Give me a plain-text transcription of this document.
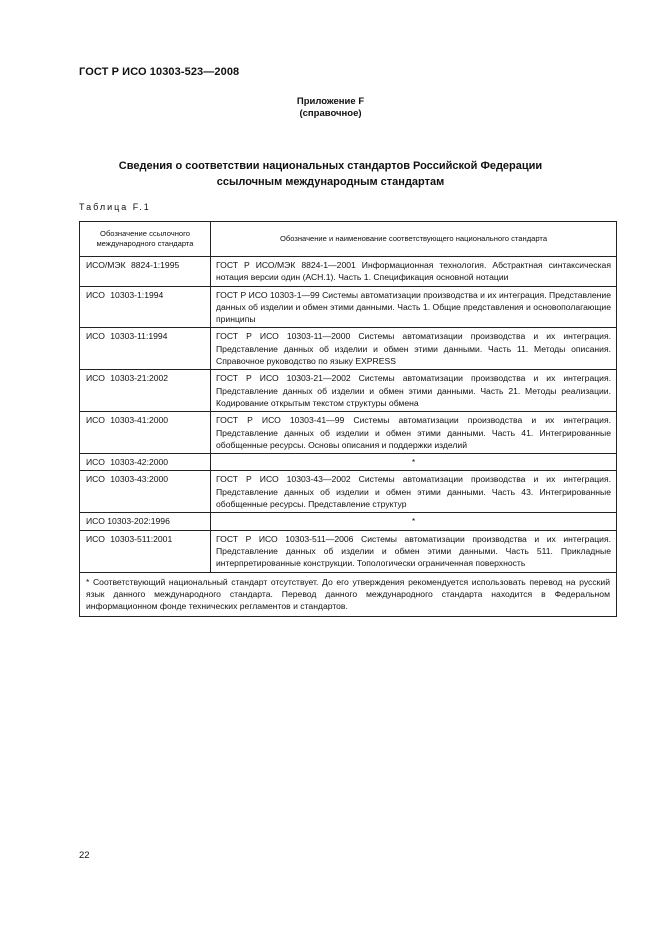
ГОСТ Р ИСО 10303-523—2008
Приложение F
(справочное)
Сведения о соответствии национальных стандартов Российской Федерации
ссылочным международным стандартам
Таблица F.1
Обозначение ссылочного международного стандарта	Обозначение и наименование соответствующего национального стандарта
ИСО/МЭК 8824-1:1995	ГОСТ Р ИСО/МЭК 8824-1—2001 Информационная технология. Абстрактная синтаксическая нотация версии один (АСН.1). Часть 1. Спецификация основной нотации
ИСО 10303-1:1994	ГОСТ Р ИСО 10303-1—99 Системы автоматизации производства и их интеграция. Представление данных об изделии и обмен этими данными. Часть 1. Общие представления и основополагающие принципы
ИСО 10303-11:1994	ГОСТ Р ИСО 10303-11—2000 Системы автоматизации производства и их интеграция. Представление данных об изделии и обмен этими данными. Часть 11. Методы описания. Справочное руководство по языку EXPRESS
ИСО 10303-21:2002	ГОСТ Р ИСО 10303-21—2002 Системы автоматизации производства и их интеграция. Представление данных об изделии и обмен этими данными. Часть 21. Методы реализации. Кодирование открытым текстом структуры обмена
ИСО 10303-41:2000	ГОСТ Р ИСО 10303-41—99 Системы автоматизации производства и их интеграция. Представление данных об изделии и обмен этими данными. Часть 41. Интегрированные обобщенные ресурсы. Основы описания и поддержки изделий
ИСО 10303-42:2000	*
ИСО 10303-43:2000	ГОСТ Р ИСО 10303-43—2002 Системы автоматизации производства и их интеграция. Представление данных об изделии и обмен этими данными. Часть 43. Интегрированные обобщенные ресурсы. Представление структур
ИСО 10303-202:1996	*
ИСО 10303-511:2001	ГОСТ Р ИСО 10303-511—2006 Системы автоматизации производства и их интеграция. Представление данных об изделии и обмен этими данными. Часть 511. Прикладные интерпретированные конструкции. Топологически ограниченная поверхность
* Соответствующий национальный стандарт отсутствует. До его утверждения рекомендуется использовать перевод на русский язык данного международного стандарта. Перевод данного международного стандарта находится в Федеральном информационном фонде технических регламентов и стандартов.	
22
